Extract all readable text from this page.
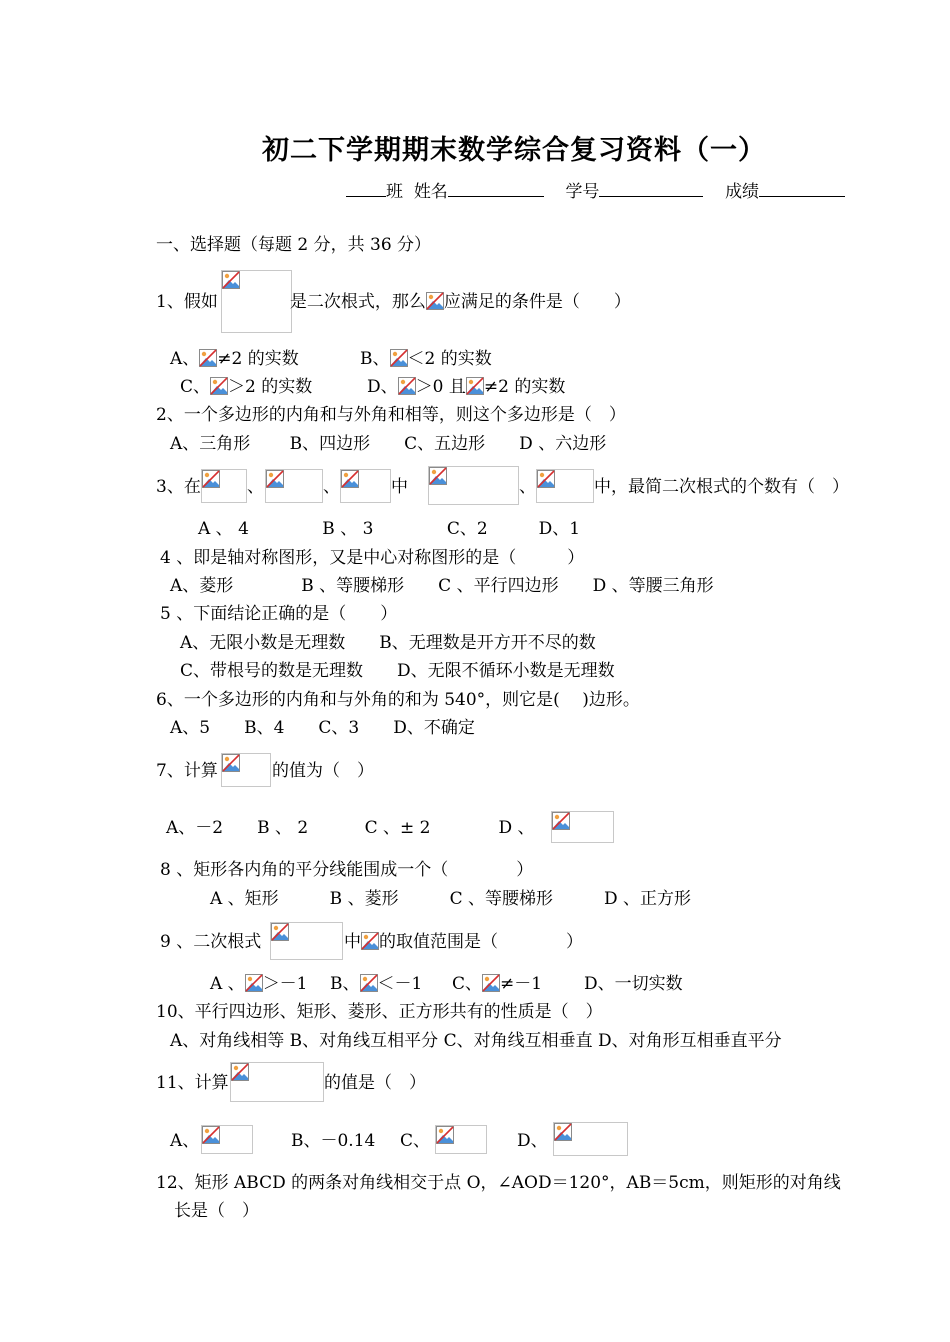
初二下学期期末数学综合复习资料（一）
班 姓名	学号	成绩
一、选择题（每题 2 分，共 36 分）
1、假如	是二次根式，那么 应满足的条件是（　　）
A、 ≠2 的实数	B、 ＜2 的实数
C、 ＞2 的实数	D、 ＞0 且 ≠2 的实数
2、一个多边形的内角和与外角和相等，则这个多边形是（　）
A、三角形　　 B、四边形　　C、五边形　　D 、六边形
3、在	、	、	中	、	中，最简二次根式的个数有（　）
A 、 4　　　　 B 、 3　　　　 C、2　　　D、1
4 、即是轴对称图形，又是中心对称图形的是（　　　）
A、菱形　　　　B 、等腰梯形　　C 、平行四边形　　D 、等腰三角形
5 、下面结论正确的是（　　）
A、无限小数是无理数　　B、无理数是开方开不尽的数
C、带根号的数是无理数　　D、无限不循环小数是无理数
6、一个多边形的内角和与外角的和为 540°，则它是(　 )边形。
A、5　　B、4　　C、3　　D、不确定
7、计算	的值为（　）
A、－2　　B 、 2　　　 C 、± 2　　　　D 、
8 、矩形各内角的平分线能围成一个（　　　　）
A 、矩形　　　B 、菱形　　　C 、等腰梯形　　　D 、正方形
9 、二次根式	中 的取值范围是（　　　　）
A 、 ＞－1 B、 ＜－1 C、 ≠－1 D、一切实数
10、平行四边形、矩形、菱形、正方形共有的性质是（　）
A、对角线相等 B、对角线互相平分 C、对角线互相垂直 D、对角形互相垂直平分
11、计算	的值是（　）
A、	B、－0.14 C、	D、
12、矩形 ABCD 的两条对角线相交于点 O，∠AOD＝120°，AB＝5cm，则矩形的对角线
长是（　）
